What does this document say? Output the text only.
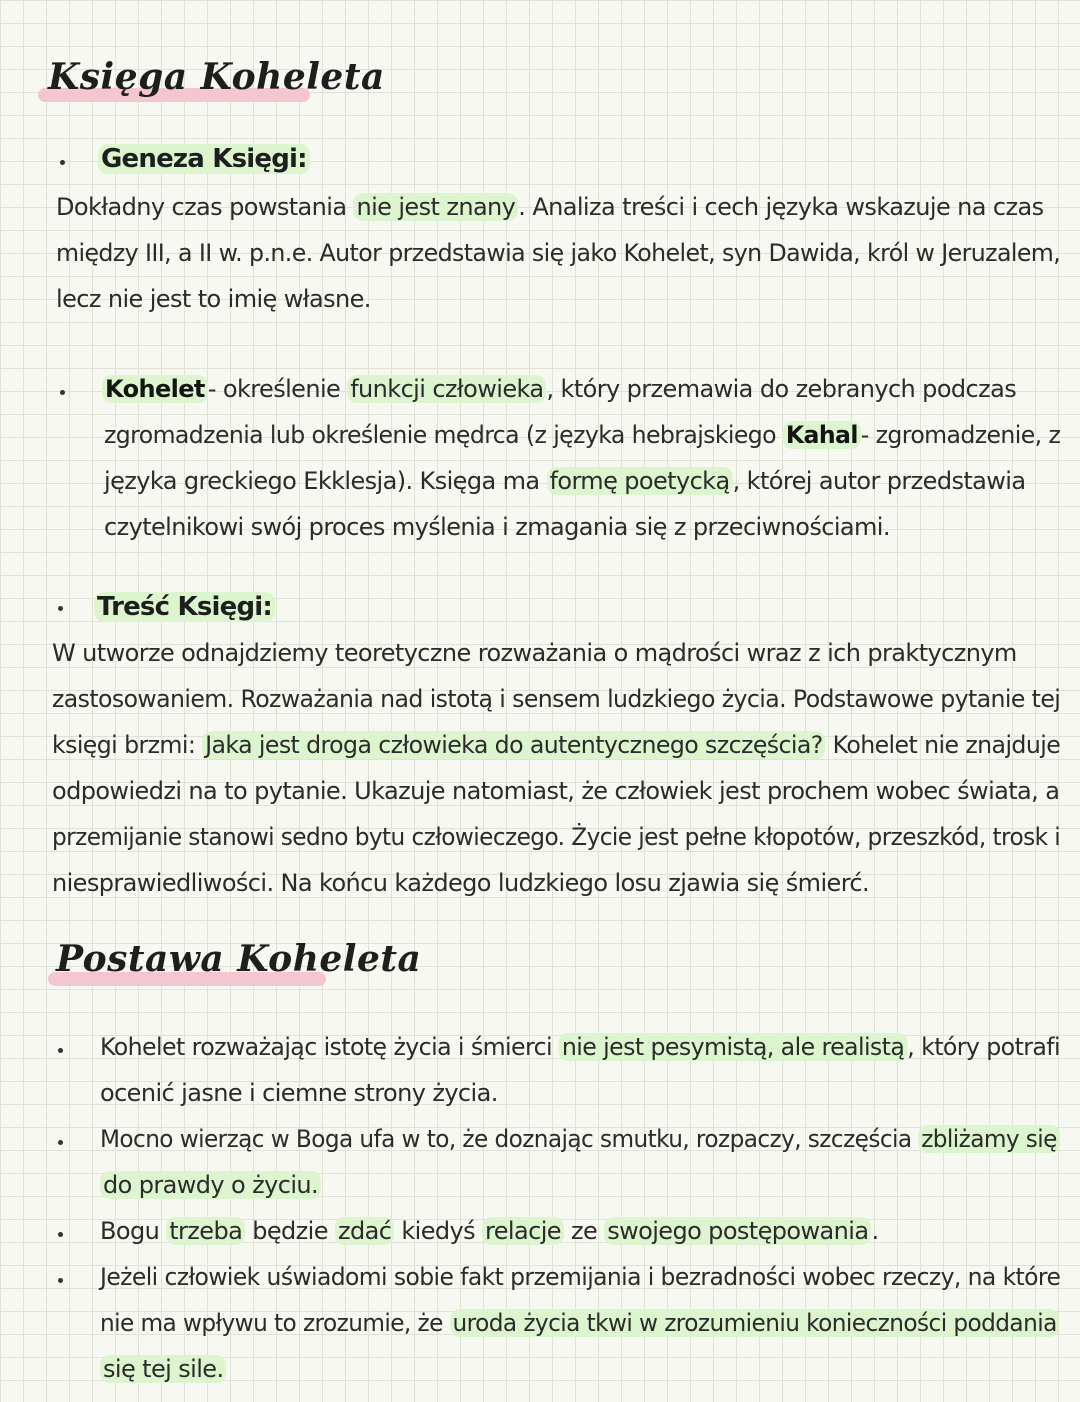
Księga Koheleta
Geneza Księgi:
Dokładny czas powstania nie jest znany . Analiza treści i cech języka wskazuje na czas
między III, a II w. p.n.e. Autor przedstawia się jako Kohelet, syn Dawida, król w Jeruzalem,
lecz nie jest to imię własne.
Kohelet - określenie funkcji człowieka , który przemawia do zebranych podczas
zgromadzenia lub określenie mędrca (z języka hebrajskiego Kahal - zgromadzenie, z
języka greckiego Ekklesja). Księga ma formę poetycką , której autor przedstawia
czytelnikowi swój proces myślenia i zmagania się z przeciwnościami.
Treść Księgi:
W utworze odnajdziemy teoretyczne rozważania o mądrości wraz z ich praktycznym
zastosowaniem. Rozważania nad istotą i sensem ludzkiego życia. Podstawowe pytanie tej
księgi brzmi: Jaka jest droga człowieka do autentycznego szczęścia? Kohelet nie znajduje
odpowiedzi na to pytanie. Ukazuje natomiast, że człowiek jest prochem wobec świata, a
przemijanie stanowi sedno bytu człowieczego. Życie jest pełne kłopotów, przeszkód, trosk i
niesprawiedliwości. Na końcu każdego ludzkiego losu zjawia się śmierć.
Postawa Koheleta
Kohelet rozważając istotę życia i śmierci nie jest pesymistą, ale realistą , który potrafi
ocenić jasne i ciemne strony życia.
Mocno wierząc w Boga ufa w to, że doznając smutku, rozpaczy, szczęścia zbliżamy się
do prawdy o życiu.
Bogu trzeba będzie zdać kiedyś relacje ze swojego postępowania .
Jeżeli człowiek uświadomi sobie fakt przemijania i bezradności wobec rzeczy, na które
nie ma wpływu to zrozumie, że uroda życia tkwi w zrozumieniu konieczności poddania
się tej sile.
